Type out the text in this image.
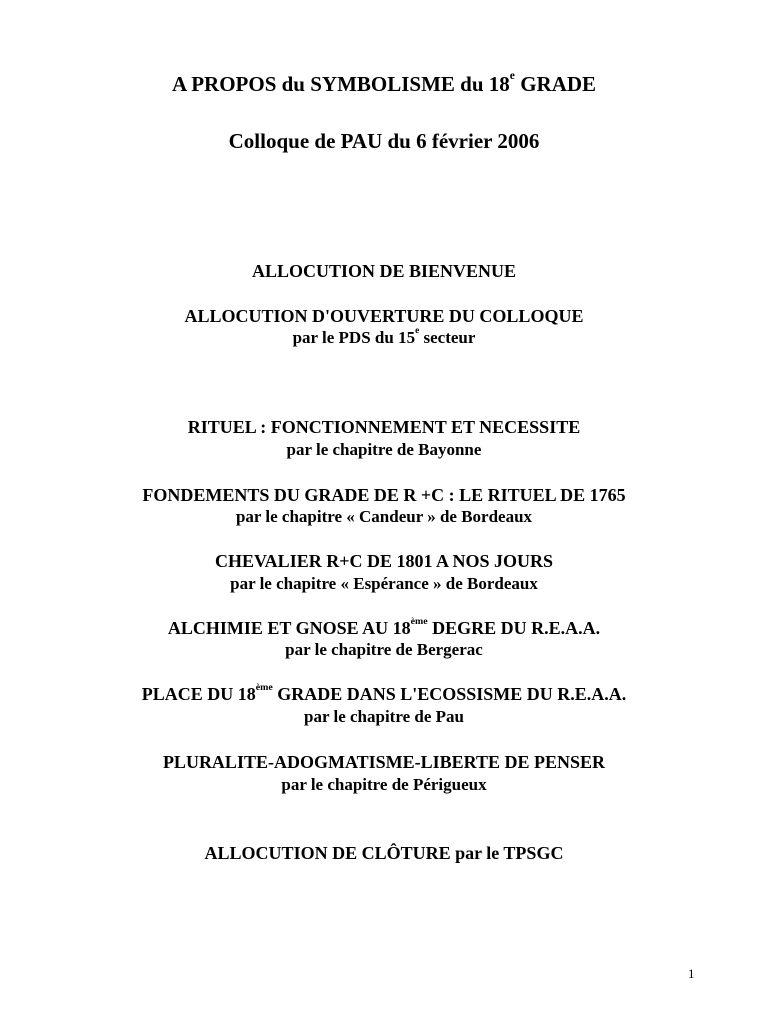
A PROPOS du SYMBOLISME du 18e GRADE
Colloque de PAU du 6 février 2006
ALLOCUTION DE BIENVENUE
ALLOCUTION D'OUVERTURE DU COLLOQUE
par le PDS du 15e secteur
RITUEL : FONCTIONNEMENT ET NECESSITE
par le chapitre de Bayonne
FONDEMENTS DU GRADE DE R +C : LE RITUEL DE 1765
par le chapitre « Candeur » de Bordeaux
CHEVALIER R+C DE 1801 A NOS JOURS
par le chapitre « Espérance » de Bordeaux
ALCHIMIE ET GNOSE AU 18ème DEGRE DU R.E.A.A.
par le chapitre de Bergerac
PLACE DU 18ème GRADE DANS L'ECOSSISME DU R.E.A.A.
par le chapitre de Pau
PLURALITE-ADOGMATISME-LIBERTE DE PENSER
par le chapitre de Périgueux
ALLOCUTION DE CLÔTURE par le TPSGC
1
